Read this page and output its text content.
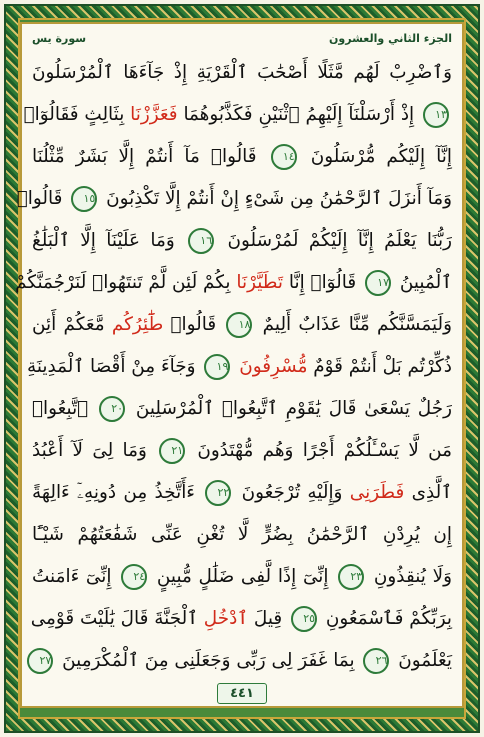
سورة يس	الجزء الثاني والعشرون
وَٱضْرِبْ لَهُم مَّثَلًا أَصْحَٰبَ ٱلْقَرْيَةِ إِذْ جَآءَهَا ٱلْمُرْسَلُونَ
١٣ إِذْ أَرْسَلْنَآ إِلَيْهِمُ ٱثْنَيْنِ فَكَذَّبُوهُمَا فَعَزَّزْنَا بِثَالِثٍ فَقَالُوٓا۟
إِنَّآ إِلَيْكُم مُّرْسَلُونَ ١٤ قَالُوا۟ مَآ أَنتُمْ إِلَّا بَشَرٌ مِّثْلُنَا
وَمَآ أَنزَلَ ٱلرَّحْمَٰنُ مِن شَىْءٍ إِنْ أَنتُمْ إِلَّا تَكْذِبُونَ ١٥ قَالُوا۟
رَبُّنَا يَعْلَمُ إِنَّآ إِلَيْكُمْ لَمُرْسَلُونَ ١٦ وَمَا عَلَيْنَآ إِلَّا ٱلْبَلَٰغُ
ٱلْمُبِينُ ١٧ قَالُوٓا۟ إِنَّا تَطَيَّرْنَا بِكُمْ لَئِن لَّمْ تَنتَهُوا۟ لَنَرْجُمَنَّكُمْ
وَلَيَمَسَّنَّكُم مِّنَّا عَذَابٌ أَلِيمٌ ١٨ قَالُوا۟ طَٰٓئِرُكُم مَّعَكُمْ أَئِن
ذُكِّرْتُم بَلْ أَنتُمْ قَوْمٌ مُّسْرِفُونَ ١٩ وَجَآءَ مِنْ أَقْصَا ٱلْمَدِينَةِ
رَجُلٌ يَسْعَىٰ قَالَ يَٰقَوْمِ ٱتَّبِعُوا۟ ٱلْمُرْسَلِينَ ٢٠ ٱتَّبِعُوا۟
مَن لَّا يَسْـَٔلُكُمْ أَجْرًا وَهُم مُّهْتَدُونَ ٢١ وَمَا لِىَ لَآ أَعْبُدُ
ٱلَّذِى فَطَرَنِى وَإِلَيْهِ تُرْجَعُونَ ٢٢ ءَأَتَّخِذُ مِن دُونِهِۦٓ ءَالِهَةً
إِن يُرِدْنِ ٱلرَّحْمَٰنُ بِضُرٍّ لَّا تُغْنِ عَنِّى شَفَٰعَتُهُمْ شَيْـًٔا
وَلَا يُنقِذُونِ ٢٣ إِنِّىٓ إِذًا لَّفِى ضَلَٰلٍ مُّبِينٍ ٢٤ إِنِّىٓ ءَامَنتُ
بِرَبِّكُمْ فَٱسْمَعُونِ ٢٥ قِيلَ ٱدْخُلِ ٱلْجَنَّةَ قَالَ يَٰلَيْتَ قَوْمِى
يَعْلَمُونَ ٢٦ بِمَا غَفَرَ لِى رَبِّى وَجَعَلَنِى مِنَ ٱلْمُكْرَمِينَ ٢٧
٤٤١
